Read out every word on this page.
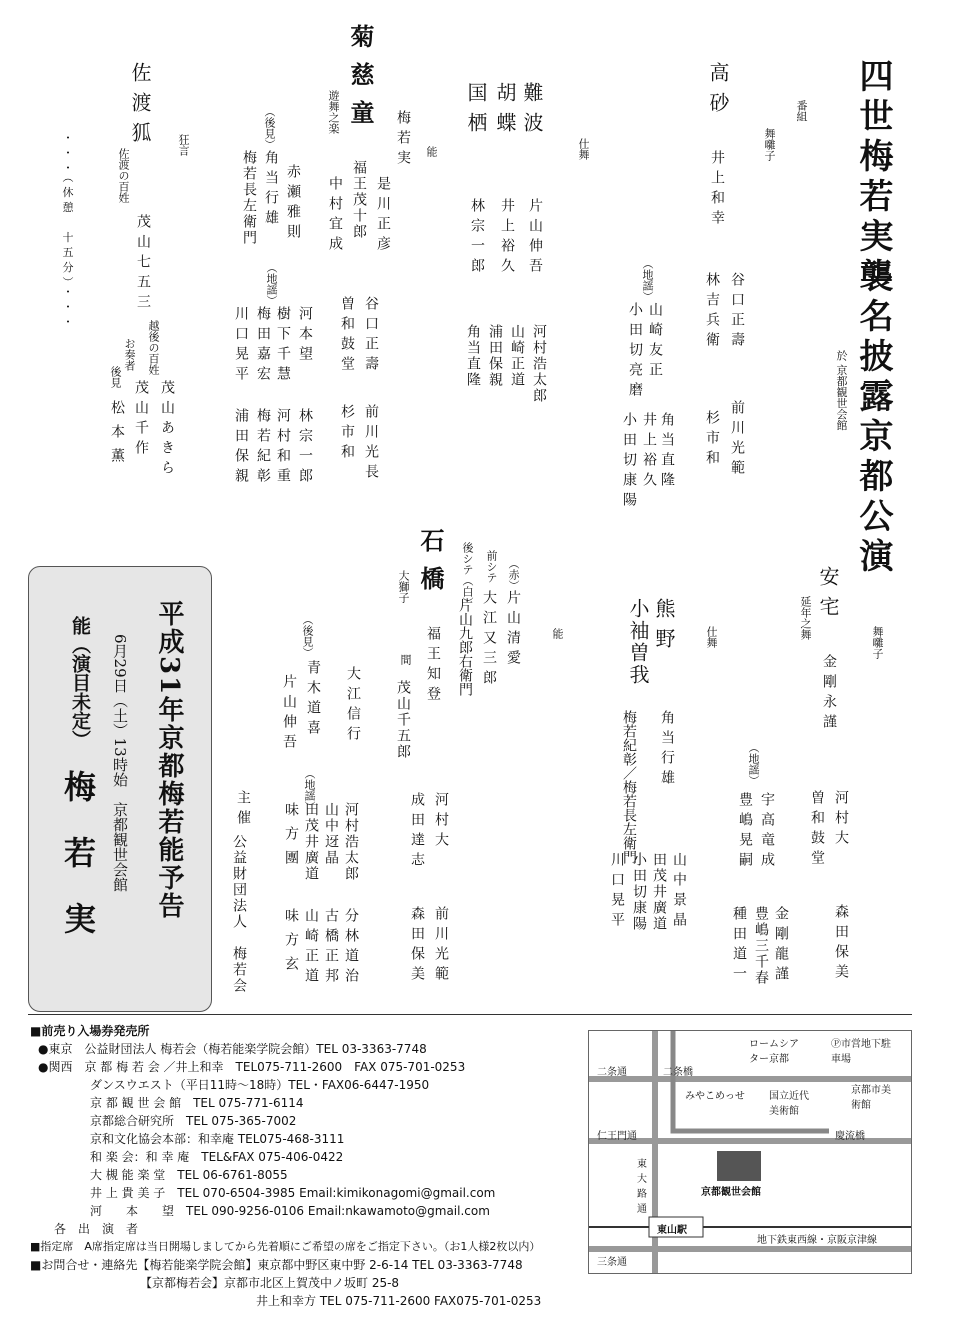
四世梅若実襲名披露京都公演
於 京都観世会館
番組
舞囃子
高砂
井上和幸
谷口正壽
前川光範
林吉兵衛
杉市和
（地謡）
山崎友正
小田切亮磨
角当直隆
井上裕久
小田切康陽
仕舞
難波
片山伸吾
胡蝶
井上裕久
国栖
林宗一郎
河村浩太郎
山崎正道
浦田保親
角当直隆
能
梅若実
菊慈童
遊舞之楽
是川正彦
福王茂十郎
中村宜成
谷口正壽
前川光長
曽和鼓堂
杉市和
（後見）
赤瀬雅則
角当行雄
梅若長左衛門
（地謡）
河本望
樹下千慧
梅田嘉宏
川口晃平
林宗一郎
河村和重
梅若紀彰
浦田保親
狂言
佐渡狐
佐渡の百姓
茂山七五三
越後の百姓
茂山あきら
お奏者
茂山千作
後見
松本薫
・・・（休憩　十五分）・・・
平成31年京都梅若能予告
6月29日（土）13時始　京都観世会館
能（演目未定）
梅若実
舞囃子
安宅
延年之舞
金剛永謹
河村大
森田保美
曽和鼓堂
（地謡）
宇高竜成
豊嶋晃嗣
金剛龍謹
豊嶋三千春
種田道一
仕舞
熊野
角当行雄
小袖曽我
梅若紀彰／梅若長左衛門
山中景晶
田茂井廣道
小田切康陽
川口晃平
能
石橋
大獅子	（赤）
片山清愛
前シテ
大江又三郎
後シテ（白）
片山九郎右衛門
福王知登
間
茂山千五郎
河村大
前川光範
成田達志
森田保美
（後見）
大江信行
青木道喜
片山伸吾
（地謡）
河村浩太郎
山中迓晶
田茂井廣道
味方團
分林道治
古橋正邦
山崎正道
味方玄
主催
公益財団法人　梅若会
■前売り入場券発売所
●東京　公益財団法人 梅若会（梅若能楽学院会館）TEL 03-3363-7748
●関西　京 都 梅 若 会 ／井上和幸　TEL075-711-2600　FAX 075-701-0253
ダンスウエスト（平日11時～18時）TEL・FAX06-6447-1950
京 都 観 世 会 館　TEL 075-771-6114
京都総合研究所　TEL 075-365-7002
京和文化協会本部：和幸庵 TEL075-468-3111
和 楽 会：和 幸 庵　TEL&FAX 075-406-0422
大 槻 能 楽 堂　TEL 06-6761-8055
井 上 貴 美 子　TEL 070-6504-3985 Email:kimikonagomi@gmail.com
河　　本　　望　TEL 090-9256-0106 Email:nkawamoto@gmail.com
各　出　演　者
■指定席　A席指定席は当日開場しましてから先着順にご希望の席をご指定下さい。（お1人様2枚以内）
■お問合せ・連絡先【梅若能楽学院会館】東京都中野区東中野 2-6-14 TEL 03-3363-7748
【京都梅若会】京都市北区上賀茂中ノ坂町 25-8
井上和幸方 TEL 075-711-2600 FAX075-701-0253
ロームシアター京都
Ⓟ市営地下駐車場
二条通	二条橋
みやこめっせ 国立近代美術館
京都市美術館
慶流橋
仁王門通
東大路通
京都観世会館
東山駅
地下鉄東西線・京阪京津線
三条通
